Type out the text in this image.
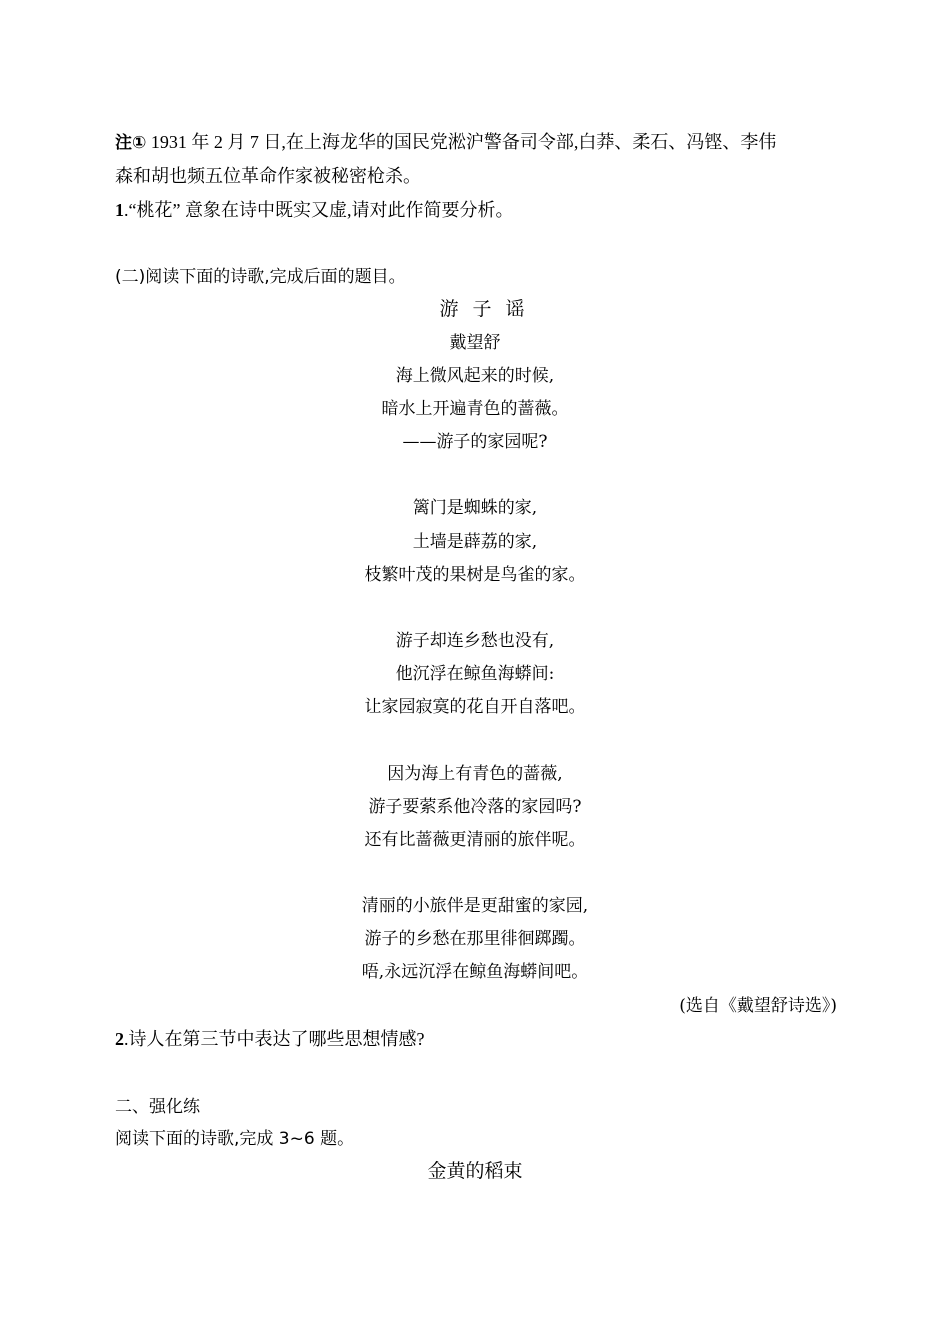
注① 1931 年 2 月 7 日,在上海龙华的国民党淞沪警备司令部,白莽、柔石、冯铿、李伟
森和胡也频五位革命作家被秘密枪杀。
1.“桃花” 意象在诗中既实又虚,请对此作简要分析。
(二)阅读下面的诗歌,完成后面的题目。
游子谣
戴望舒
海上微风起来的时候,
暗水上开遍青色的蔷薇。
——游子的家园呢?
篱门是蜘蛛的家,
土墙是薜荔的家,
枝繁叶茂的果树是鸟雀的家。
游子却连乡愁也没有,
他沉浮在鲸鱼海蟒间:
让家园寂寞的花自开自落吧。
因为海上有青色的蔷薇,
游子要萦系他冷落的家园吗?
还有比蔷薇更清丽的旅伴呢。
清丽的小旅伴是更甜蜜的家园,
游子的乡愁在那里徘徊踯躅。
唔,永远沉浮在鲸鱼海蟒间吧。
(选自《戴望舒诗选》)
2.诗人在第三节中表达了哪些思想情感?
二、强化练
阅读下面的诗歌,完成 3~6 题。
金黄的稻束
